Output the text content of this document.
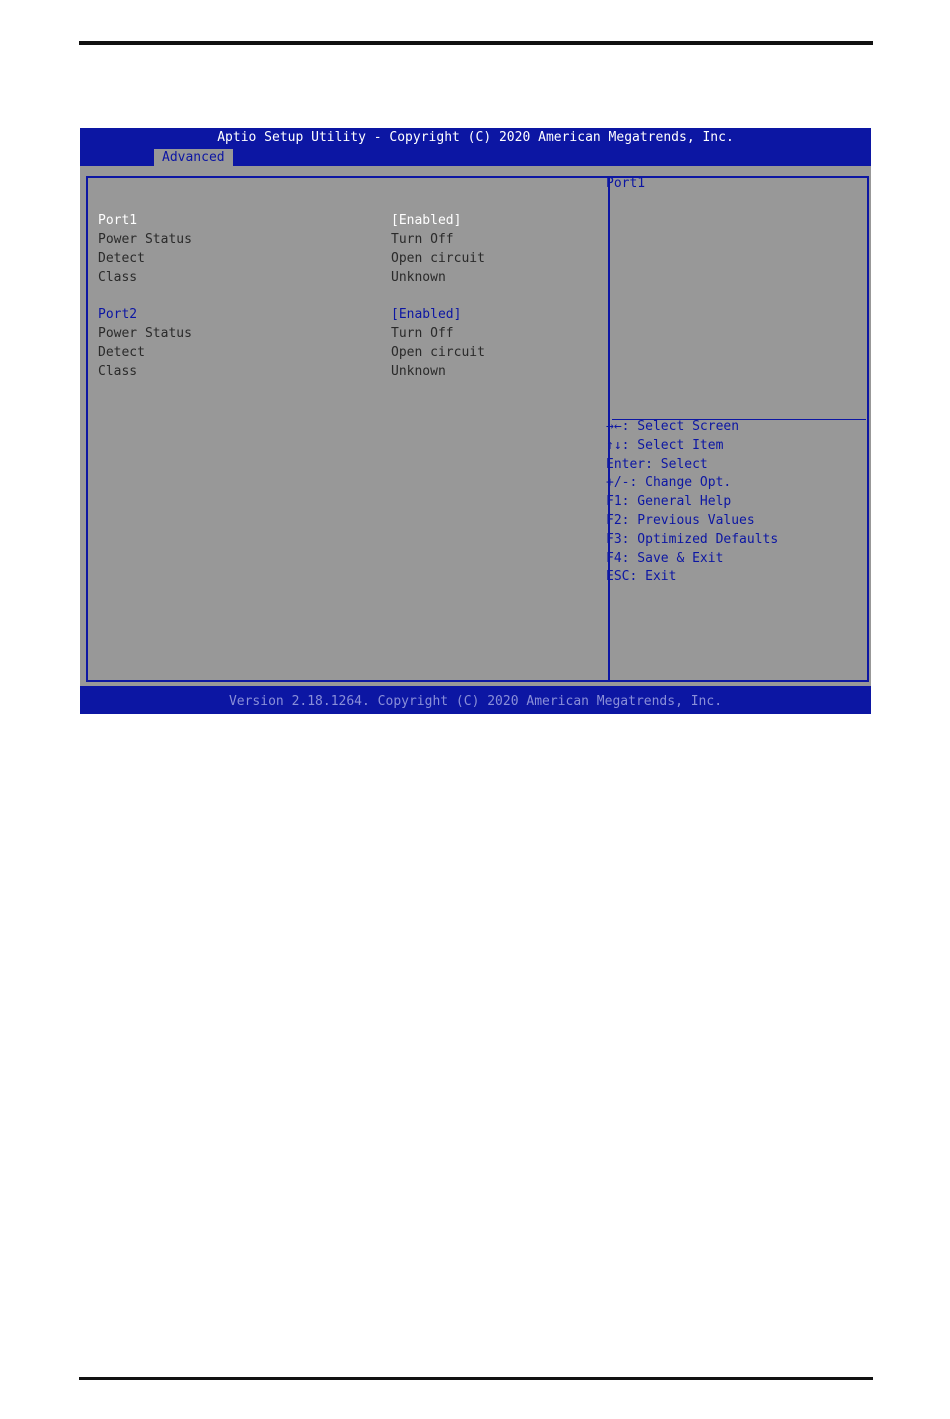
Aptio Setup Utility - Copyright (C) 2020 American Megatrends, Inc.
Advanced
Port1	[Enabled]
Power Status	Turn Off
Detect	Open circuit
Class	Unknown
Port2	[Enabled]
Power Status	Turn Off
Detect	Open circuit
Class	Unknown
Port1
→←: Select Screen
↑↓: Select Item
Enter: Select
+/-: Change Opt.
F1: General Help
F2: Previous Values
F3: Optimized Defaults
F4: Save & Exit
ESC: Exit
Version 2.18.1264. Copyright (C) 2020 American Megatrends, Inc.
